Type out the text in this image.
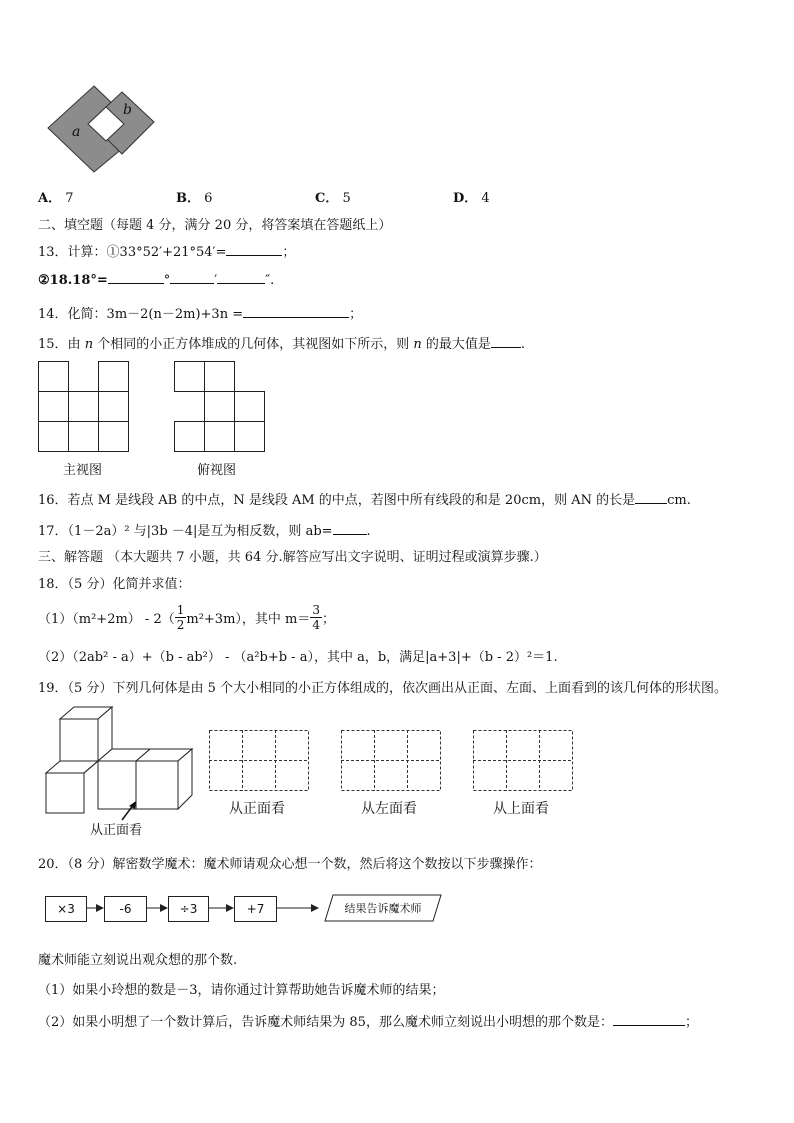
a
b
A． 7	B． 6	C． 5	D． 4
二、填空题（每题 4 分，满分 20 分，将答案填在答题纸上）
13．计算：①33°52′+21°54′=	；
②18.18°=	°	′	″.
14．化简：3m－2(n－2m)+3n =	；
15．由 n 个相同的小正方体堆成的几何体，其视图如下所示，则 n 的最大值是 .
主视图	俯视图
16．若点 M 是线段 AB 的中点，N 是线段 AM 的中点，若图中所有线段的和是 20cm，则 AN 的长是 cm.
17．（1－2a）² 与|3b －4|是互为相反数，则 ab=	.
三、解答题 （本大题共 7 小题，共 64 分.解答应写出文字说明、证明过程或演算步骤.）
18．（5 分）化简并求值：
$(1)(m^2+2m) - 2( \frac{1}{2} m^2+3m)$，其中 $m= \frac{3}{4}$ ；
（2）（2ab² - a）+（b - ab²） - （a²b+b - a），其中 a，b，满足|a+3|+（b - 2）²＝1.
19．（5 分）下列几何体是由 5 个大小相同的小正方体组成的，依次画出从正面、左面、上面看到的该几何体的形状图。
从正面看
从正面看	从左面看	从上面看
20．（8 分）解密数学魔术：魔术师请观众心想一个数，然后将这个数按以下步骤操作：
×3	-6	÷3	+7	结果告诉魔术师
魔术师能立刻说出观众想的那个数.
（1）如果小玲想的数是－3，请你通过计算帮助她告诉魔术师的结果；
（2）如果小明想了一个数计算后，告诉魔术师结果为 85，那么魔术师立刻说出小明想的那个数是：	；
